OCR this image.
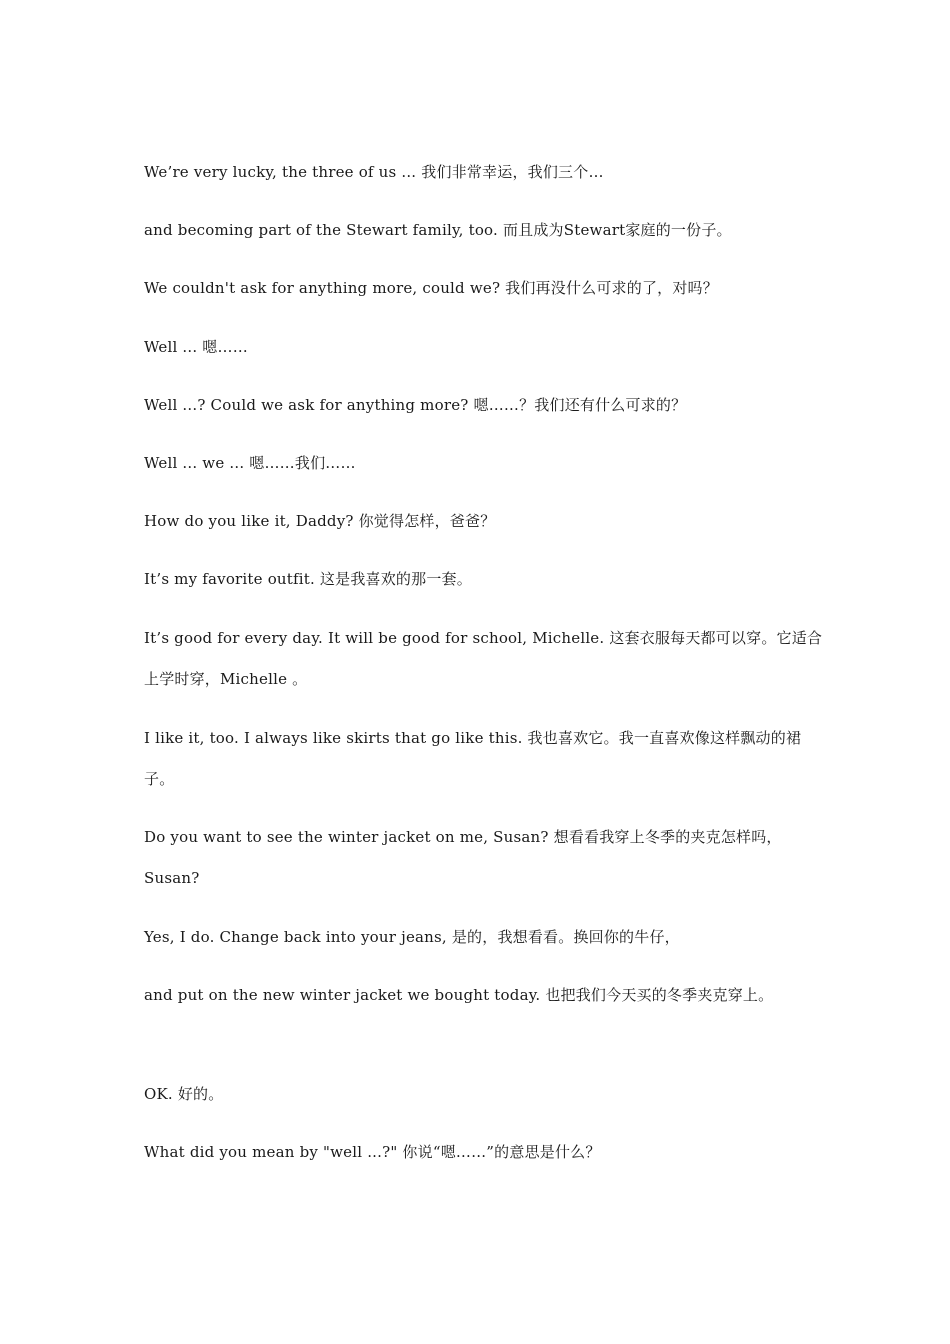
We’re very lucky, the three of us ... 我们非常幸运，我们三个…
and becoming part of the Stewart family, too. 而且成为Stewart家庭的一份子。
We couldn't ask for anything more, could we? 我们再没什么可求的了，对吗？
Well ... 嗯……
Well ...? Could we ask for anything more? 嗯……？我们还有什么可求的？
Well ... we ... 嗯……我们……
How do you like it, Daddy? 你觉得怎样，爸爸？
It’s my favorite outfit. 这是我喜欢的那一套。
It’s good for every day. It will be good for school, Michelle. 这套衣服每天都可以穿。它适合上学时穿，Michelle 。
I like it, too. I always like skirts that go like this. 我也喜欢它。我一直喜欢像这样飘动的裙子。
Do you want to see the winter jacket on me, Susan? 想看看我穿上冬季的夹克怎样吗，Susan?
Yes, I do. Change back into your jeans, 是的，我想看看。换回你的牛仔，
and put on the new winter jacket we bought today. 也把我们今天买的冬季夹克穿上。
OK. 好的。
What did you mean by "well ...?" 你说“嗯……”的意思是什么？
